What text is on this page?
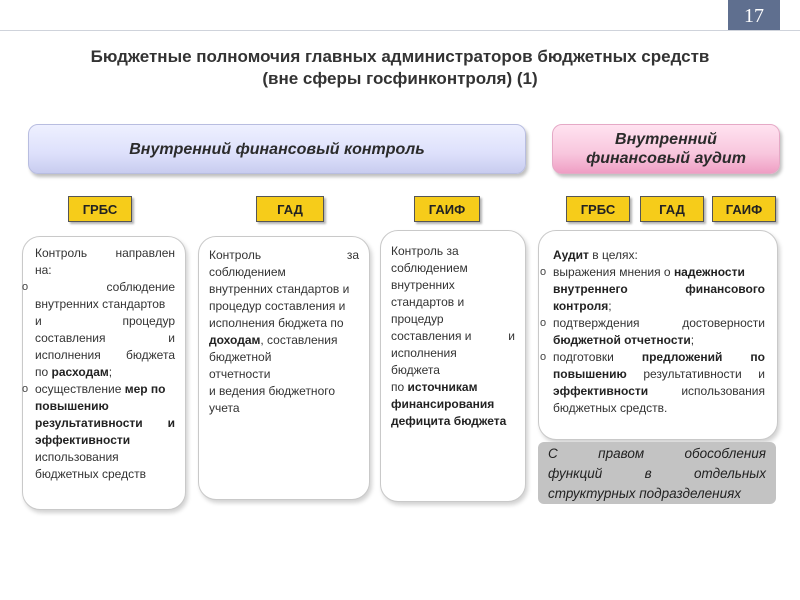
17
Бюджетные полномочия главных администраторов бюджетных средств
(вне сферы госфинконтроля) (1)
Внутренний финансовый контроль
Внутренний
финансовый аудит
ГРБС	ГАД	ГАИФ	ГРБС	ГАД	ГАИФ

Контроль направлен

на:

o соблюдение

внутренних стандартов

и процедур

составления и

исполнения бюджета

по расходам;

o осуществление мер по

повышению

результативности и

эффективности

использования

бюджетных средств

Контроль за

соблюдением

внутренних стандартов и

процедур составления и

исполнения бюджета по

доходам, составления

бюджетной

отчетности

и ведения бюджетного

учета

Контроль за

соблюдением

внутренних

стандартов и

процедур

составления и	и

исполнения

бюджета

по источникам

финансирования

дефицита бюджета

Аудит в целях:

o выражения мнения о надежности

внутреннего финансового

контроля;

o подтверждения достоверности

бюджетной отчетности;

o подготовки предложений по

повышению результативности и

эффективности использования

бюджетных средств.

С правом обособления
функций в отдельных
структурных подразделениях
